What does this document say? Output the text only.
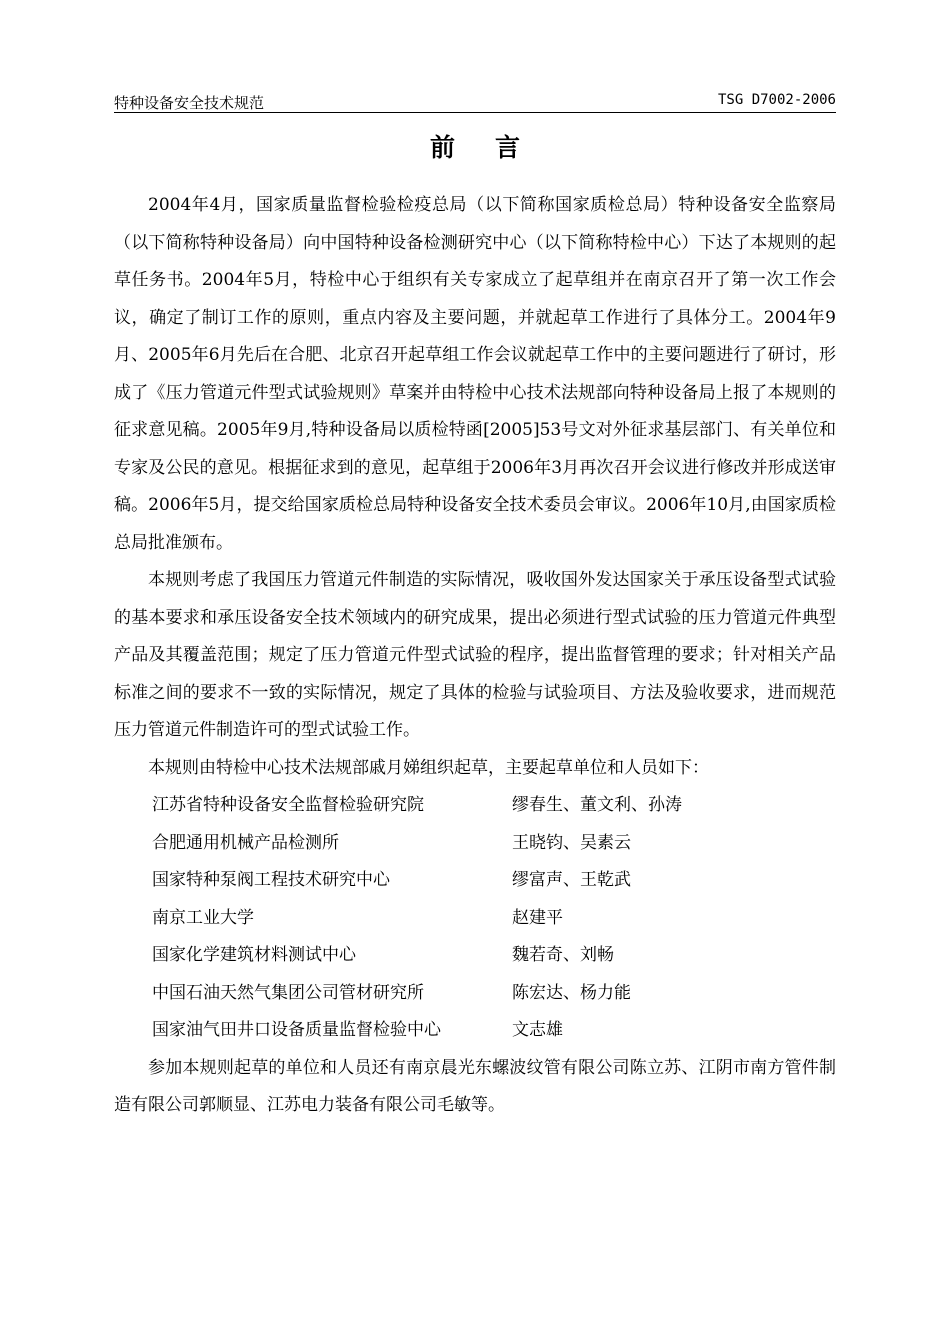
特种设备安全技术规范	TSG D7002-2006
前言

2004年4月，国家质量监督检验检疫总局（以下简称国家质检总局）特种设备安全监察局（以下简称特种设备局）向中国特种设备检测研究中心（以下简称特检中心）下达了本规则的起草任务书。2004年5月，特检中心于组织有关专家成立了起草组并在南京召开了第一次工作会议，确定了制订工作的原则，重点内容及主要问题，并就起草工作进行了具体分工。2004年9月、2005年6月先后在合肥、北京召开起草组工作会议就起草工作中的主要问题进行了研讨，形成了《压力管道元件型式试验规则》草案并由特检中心技术法规部向特种设备局上报了本规则的征求意见稿。2005年9月,特种设备局以质检特函[2005]53号文对外征求基层部门、有关单位和专家及公民的意见。根据征求到的意见，起草组于2006年3月再次召开会议进行修改并形成送审稿。2006年5月，提交给国家质检总局特种设备安全技术委员会审议。2006年10月,由国家质检总局批准颁布。

本规则考虑了我国压力管道元件制造的实际情况，吸收国外发达国家关于承压设备型式试验的基本要求和承压设备安全技术领域内的研究成果，提出必须进行型式试验的压力管道元件典型产品及其覆盖范围；规定了压力管道元件型式试验的程序，提出监督管理的要求；针对相关产品标准之间的要求不一致的实际情况，规定了具体的检验与试验项目、方法及验收要求，进而规范压力管道元件制造许可的型式试验工作。

本规则由特检中心技术法规部戚月娣组织起草，主要起草单位和人员如下：

江苏省特种设备安全监督检验研究院	缪春生、董文利、孙涛
合肥通用机械产品检测所	王晓钧、吴素云
国家特种泵阀工程技术研究中心	缪富声、王乾武
南京工业大学	赵建平
国家化学建筑材料测试中心	魏若奇、刘畅
中国石油天然气集团公司管材研究所	陈宏达、杨力能
国家油气田井口设备质量监督检验中心	文志雄

参加本规则起草的单位和人员还有南京晨光东螺波纹管有限公司陈立苏、江阴市南方管件制造有限公司郭顺显、江苏电力装备有限公司毛敏等。
